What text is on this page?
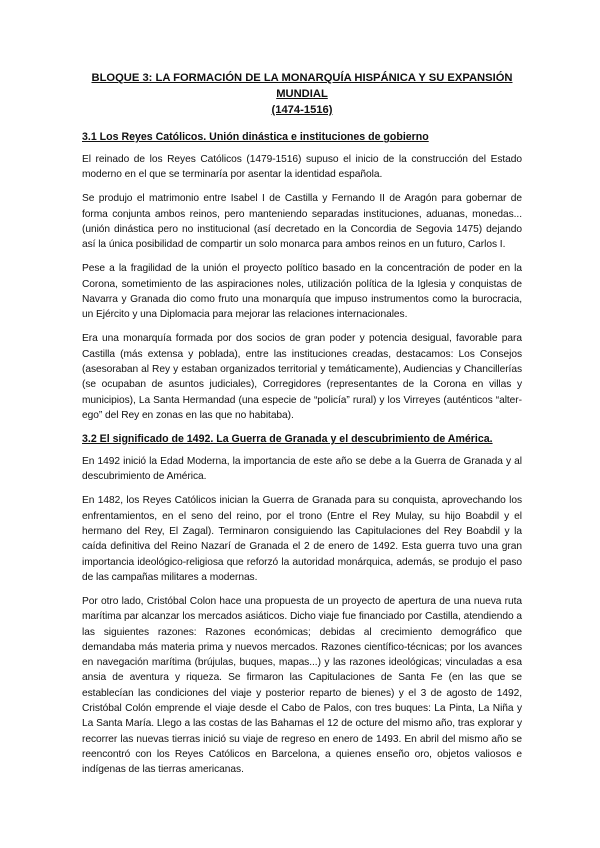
BLOQUE 3: LA FORMACIÓN DE LA MONARQUÍA HISPÁNICA Y SU EXPANSIÓN MUNDIAL
(1474-1516)
3.1 Los Reyes Católicos. Unión dinástica e instituciones de gobierno

El reinado de los Reyes Católicos (1479-1516) supuso el inicio de la construcción del Estado moderno en el que se terminaría por asentar la identidad española.

Se produjo el matrimonio entre Isabel I de Castilla y Fernando II de Aragón para gobernar de forma conjunta ambos reinos, pero manteniendo separadas instituciones, aduanas, monedas... (unión dinástica pero no institucional (así decretado en la Concordia de Segovia 1475) dejando así la única posibilidad de compartir un solo monarca para ambos reinos en un futuro, Carlos I.

Pese a la fragilidad de la unión el proyecto político basado en la concentración de poder en la Corona, sometimiento de las aspiraciones noles, utilización política de la Iglesia y conquistas de Navarra y Granada dio como fruto una monarquía que impuso instrumentos como la burocracia, un Ejército y una Diplomacia para mejorar las relaciones internacionales.

Era una monarquía formada por dos socios de gran poder y potencia desigual, favorable para Castilla (más extensa y poblada), entre las instituciones creadas, destacamos: Los Consejos (asesoraban al Rey y estaban organizados territorial y temáticamente), Audiencias y Chancillerías (se ocupaban de asuntos judiciales), Corregidores (representantes de la Corona en villas y municipios), La Santa Hermandad (una especie de “policía” rural) y los Virreyes (auténticos “alter-ego” del Rey en zonas en las que no habitaba).

3.2 El significado de 1492. La Guerra de Granada y el descubrimiento de América.

En 1492 inició la Edad Moderna, la importancia de este año se debe a la Guerra de Granada y al descubrimiento de América.

En 1482, los Reyes Católicos inician la Guerra de Granada para su conquista, aprovechando los enfrentamientos, en el seno del reino, por el trono (Entre el Rey Mulay, su hijo Boabdil y el hermano del Rey, El Zagal). Terminaron consiguiendo las Capitulaciones del Rey Boabdil y la caída definitiva del Reino Nazarí de Granada el 2 de enero de 1492. Esta guerra tuvo una gran importancia ideológico-religiosa que reforzó la autoridad monárquica, además, se produjo el paso de las campañas militares a modernas.

Por otro lado, Cristóbal Colon hace una propuesta de un proyecto de apertura de una nueva ruta marítima par alcanzar los mercados asiáticos. Dicho viaje fue financiado por Castilla, atendiendo a las siguientes razones: Razones económicas; debidas al crecimiento demográfico que demandaba más materia prima y nuevos mercados. Razones científico-técnicas; por los avances en navegación marítima (brújulas, buques, mapas...) y las razones ideológicas; vinculadas a esa ansia de aventura y riqueza. Se firmaron las Capitulaciones de Santa Fe (en las que se establecían las condiciones del viaje y posterior reparto de bienes) y el 3 de agosto de 1492, Cristóbal Colón emprende el viaje desde el Cabo de Palos, con tres buques: La Pinta, La Niña y La Santa María. Llego a las costas de las Bahamas el 12 de octure del mismo año, tras explorar y recorrer las nuevas tierras inició su viaje de regreso en enero de 1493. En abril del mismo año se reencontró con los Reyes Católicos en Barcelona, a quienes enseño oro, objetos valiosos e indígenas de las tierras americanas.
